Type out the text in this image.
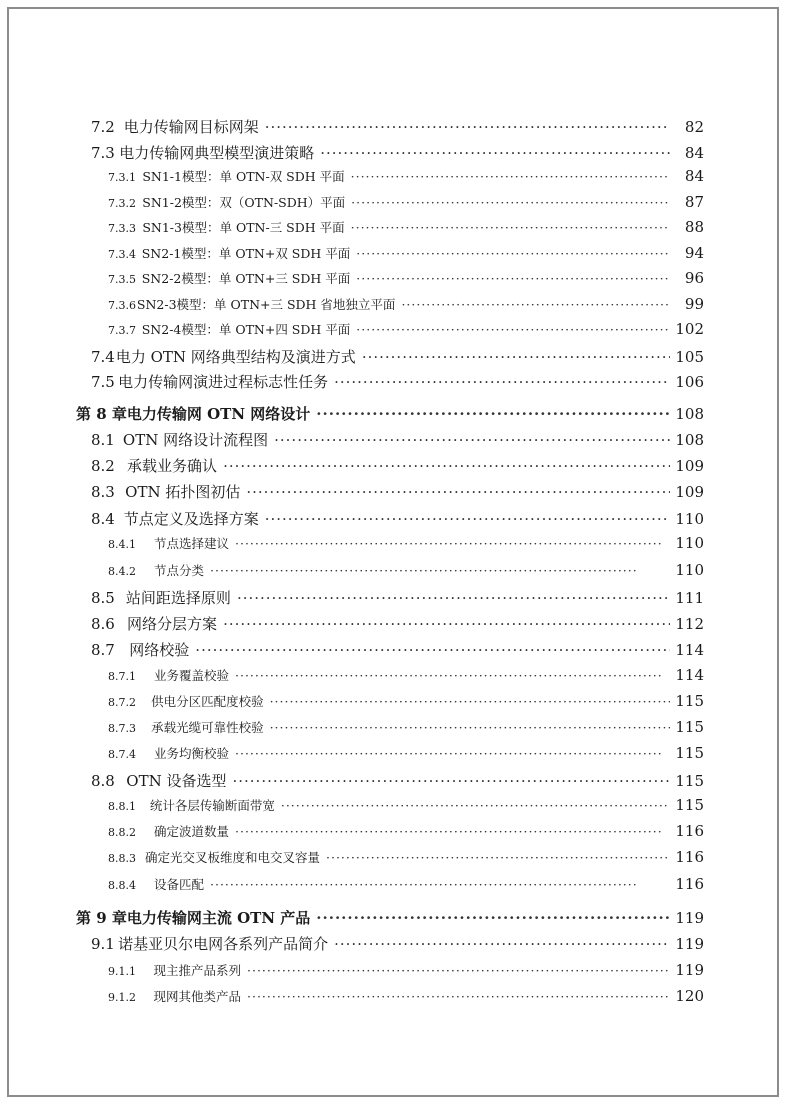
7.2 电力传输网目标网架 ·····	82
7.3 电力传输网典型模型演进策略 ·····	84
7.3.1 SN1-1模型：单 OTN-双 SDH 平面 ·····	84
7.3.2 SN1-2模型：双（OTN-SDH）平面 ·····	87
7.3.3 SN1-3模型：单 OTN-三 SDH 平面 ·····	88
7.3.4 SN2-1模型：单 OTN+双 SDH 平面 ·····	94
7.3.5 SN2-2模型：单 OTN+三 SDH 平面 ·····	96
7.3.6 SN2-3模型：单 OTN+三 SDH 省地独立平面 ·····	99
7.3.7 SN2-4模型：单 OTN+四 SDH 平面 ·····	102
7.4 电力 OTN 网络典型结构及演进方式 ·····	105
7.5 电力传输网演进过程标志性任务 ·····	106
第 8 章 电力传输网 OTN 网络设计 ·····	108
8.1 OTN 网络设计流程图 ·····	108
8.2 承载业务确认 ·····	109
8.3 OTN 拓扑图初估 ·····	109
8.4 节点定义及选择方案 ·····	110
8.4.1	节点选择建议 ·····	110
8.4.2	节点分类 ·····	110
8.5 站间距选择原则 ·····	111
8.6 网络分层方案 ·····	112
8.7 网络校验 ·····	114
8.7.1	业务覆盖校验 ·····	114
8.7.2	供电分区匹配度校验 ·····	115
8.7.3	承载光缆可靠性校验 ·····	115
8.7.4	业务均衡校验 ·····	115
8.8 OTN 设备选型 ·····	115
8.8.1	统计各层传输断面带宽 ·····	115
8.8.2	确定波道数量 ·····	116
8.8.3 确定光交叉板维度和电交叉容量 ·····	116
8.8.4	设备匹配 ·····	116
第 9 章 电力传输网主流 OTN 产品 ·····	119
9.1 诺基亚贝尔电网各系列产品简介 ·····	119
9.1.1	现主推产品系列 ·····	119
9.1.2	现网其他类产品 ·····	120
